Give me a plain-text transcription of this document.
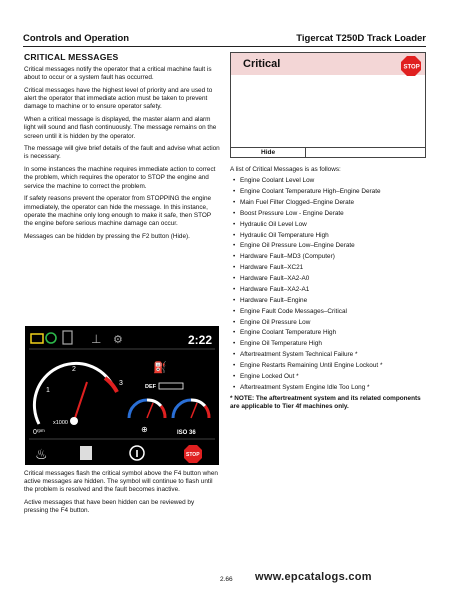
Controls and Operation	Tigercat T250D Track Loader
CRITICAL MESSAGES

Critical messages notify the operator that a critical machine fault is about to occur or a system fault has occurred.

Critical messages have the highest level of priority and are used to alert the operator that immediate action must be taken to prevent damage to machine or to ensure operator safety.

When a critical message is displayed, the master alarm and alarm light will sound and flash continuously. The message remains on the screen until it is hidden by the operator.

The message will give brief details of the fault and advise what action is necessary.

In some instances the machine requires immediate action to correct the problem, which requires the operator to STOP the engine and service the machine to correct the problem.

If safety reasons prevent the operator from STOPPING the engine immediately, the operator can hide the message. In this instance, operate the machine only long enough to make it safe, then STOP the engine before serious machine damage can occur.

Messages can be hidden by pressing the F2 button (Hide).

⊥ ⚙	2:22
0
1
2
3
x1000
rpm
⛽
DEF
⊕	ISO 36
♨	STOP

Critical messages flash the critical symbol above the F4 button when active messages are hidden. The symbol will continue to flash until the problem is resolved and the fault becomes inactive.

Active messages that have been hidden can be reviewed by pressing the F4 button.

Critical	STOP
Hide
A list of Critical Messages is as follows:
• Engine Coolant Level Low
• Engine Coolant Temperature High–Engine Derate
• Main Fuel Filter Clogged–Engine Derate
• Boost Pressure Low - Engine Derate
• Hydraulic Oil Level Low
• Hydraulic Oil Temperature High
• Engine Oil Pressure Low–Engine Derate
• Hardware Fault–MD3 (Computer)
• Hardware Fault–XC21
• Hardware Fault–XA2-A0
• Hardware Fault–XA2-A1
• Hardware Fault–Engine
• Engine Fault Code Messages–Critical
• Engine Oil Pressure Low
• Engine Coolant Temperature High
• Engine Oil Temperature High
• Aftertreatment System Technical Failure *
• Engine Restarts Remaining Until Engine Lockout *
• Engine Locked Out *
• Aftertreatment System Engine Idle Too Long *
* NOTE: The aftertreatment system and its related components are applicable to Tier 4f machines only.
2.66 www.epcatalogs.com
